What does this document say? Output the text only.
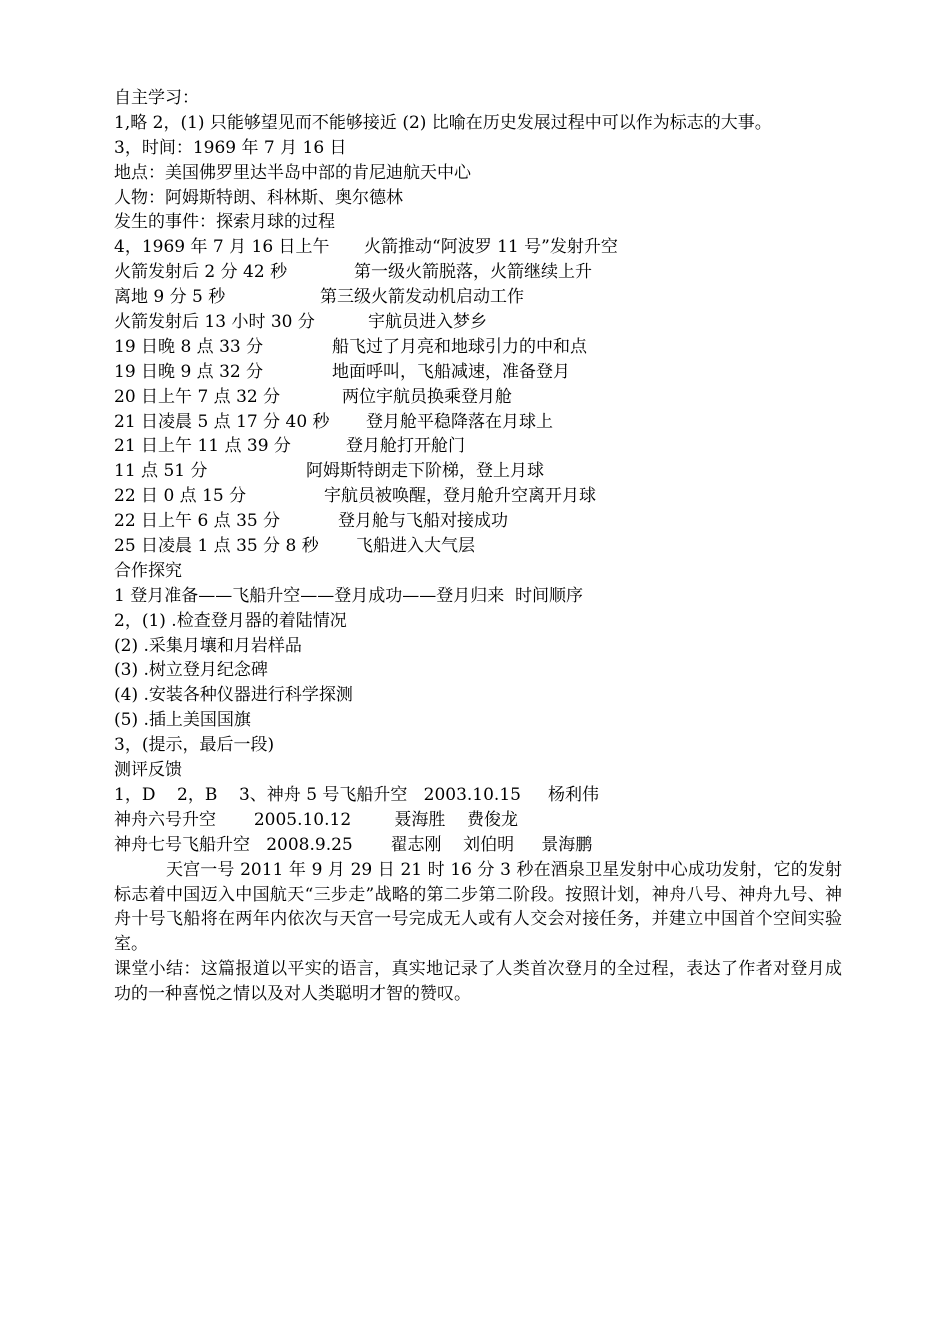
自主学习：
1,略 2，(1) 只能够望见而不能够接近 (2) 比喻在历史发展过程中可以作为标志的大事。
3，时间：1969 年 7 月 16 日
地点：美国佛罗里达半岛中部的肯尼迪航天中心
人物：阿姆斯特朗、科林斯、奥尔德林
发生的事件：探索月球的过程
4，1969 年 7 月 16 日上午 火箭推动“阿波罗 11 号”发射升空
火箭发射后 2 分 42 秒	第一级火箭脱落，火箭继续上升
离地 9 分 5 秒	第三级火箭发动机启动工作
火箭发射后 13 小时 30 分	宇航员进入梦乡
19 日晚 8 点 33 分	船飞过了月亮和地球引力的中和点
19 日晚 9 点 32 分	地面呼叫，飞船减速，准备登月
20 日上午 7 点 32 分	两位宇航员换乘登月舱
21 日凌晨 5 点 17 分 40 秒 登月舱平稳降落在月球上
21 日上午 11 点 39 分	登月舱打开舱门
11 点 51 分	阿姆斯特朗走下阶梯，登上月球
22 日 0 点 15 分	宇航员被唤醒，登月舱升空离开月球
22 日上午 6 点 35 分	登月舱与飞船对接成功
25 日凌晨 1 点 35 分 8 秒 飞船进入大气层
合作探究
1 登月准备——飞船升空——登月成功——登月归来  时间顺序
2，(1) .检查登月器的着陆情况
(2) .采集月壤和月岩样品
(3) .树立登月纪念碑
(4) .安装各种仪器进行科学探测
(5) .插上美国国旗
3，(提示，最后一段)
测评反馈
1，D    2，B    3、神舟 5 号飞船升空   2003.10.15     杨利伟
神舟六号升空       2005.10.12        聂海胜    费俊龙
神舟七号飞船升空   2008.9.25       翟志刚    刘伯明     景海鹏
天宫一号 2011 年 9 月 29 日 21 时 16 分 3 秒在酒泉卫星发射中心成功发射，它的发射标志着中国迈入中国航天“三步走”战略的第二步第二阶段。按照计划，神舟八号、神舟九号、神舟十号飞船将在两年内依次与天宫一号完成无人或有人交会对接任务，并建立中国首个空间实验室。
课堂小结：这篇报道以平实的语言，真实地记录了人类首次登月的全过程，表达了作者对登月成功的一种喜悦之情以及对人类聪明才智的赞叹。
